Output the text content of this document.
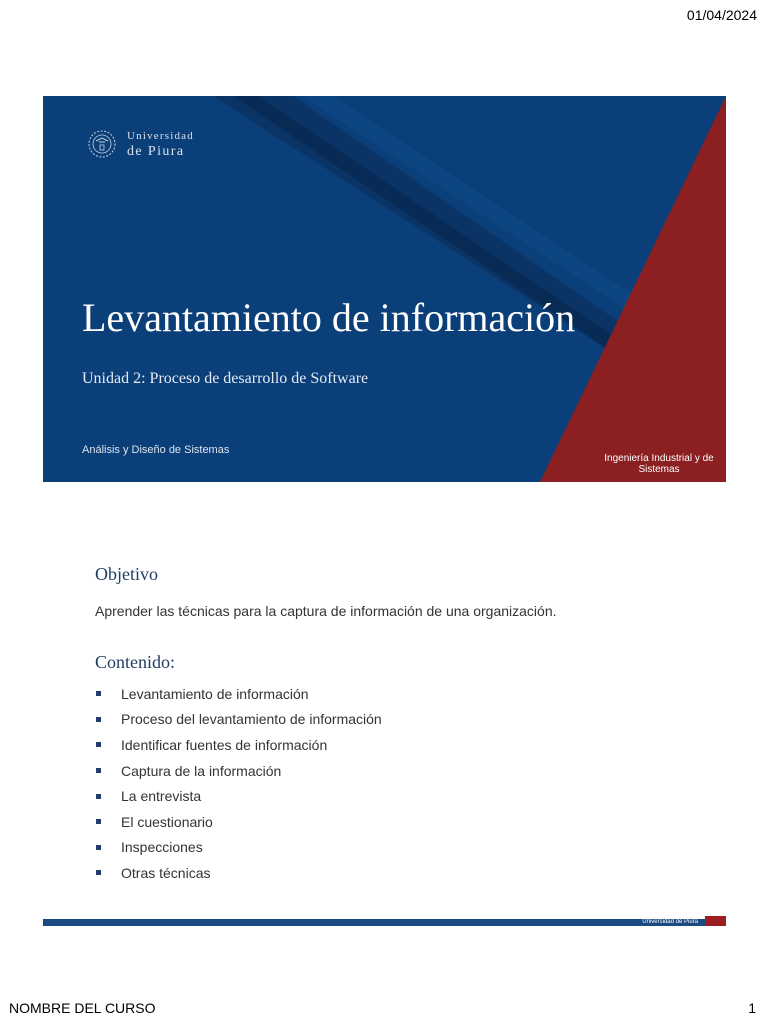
01/04/2024
Universidad
de Piura
Levantamiento de información
Unidad 2: Proceso de desarrollo de Software
Análisis y Diseño de Sistemas
Ingeniería Industrial y de Sistemas
Objetivo
Aprender las técnicas para la captura de información de una organización.
Contenido:
Levantamiento de información
Proceso del levantamiento de información
Identificar fuentes de información
Captura de la información
La entrevista
El cuestionario
Inspecciones
Otras técnicas
Universidad de Piura
NOMBRE DEL CURSO	1
